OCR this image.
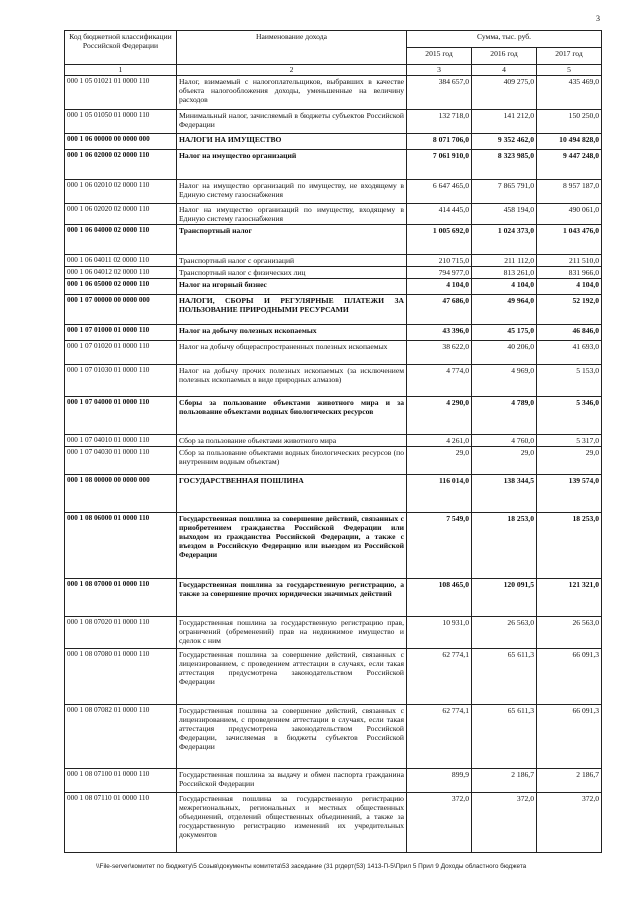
3
Код бюджетной классификации Российской Федерации	Наименование дохода	Сумма, тыс. руб.		
		2015 год	2016 год	2017 год
1	2	3	4	5
000 1 05 01021 01 0000 110	Налог, взимаемый с налогоплательщиков, выбравших в качестве объекта налогообложения доходы, уменьшенные на величину расходов	384 657,0	409 275,0	435 469,0
000 1 05 01050 01 0000 110	Минимальный налог, зачисляемый в бюджеты субъектов Российской Федерации	132 718,0	141 212,0	150 250,0
000 1 06 00000 00 0000 000	НАЛОГИ НА ИМУЩЕСТВО	8 071 706,0	9 352 462,0	10 494 828,0
000 1 06 02000 02 0000 110	Налог на имущество организаций	7 061 910,0	8 323 985,0	9 447 248,0
000 1 06 02010 02 0000 110	Налог на имущество организаций по имуществу, не входящему в Единую систему газоснабжения	6 647 465,0	7 865 791,0	8 957 187,0
000 1 06 02020 02 0000 110	Налог на имущество организаций по имуществу, входящему в Единую систему газоснабжения	414 445,0	458 194,0	490 061,0
000 1 06 04000 02 0000 110	Транспортный налог	1 005 692,0	1 024 373,0	1 043 476,0
000 1 06 04011 02 0000 110	Транспортный налог с организаций	210 715,0	211 112,0	211 510,0
000 1 06 04012 02 0000 110	Транспортный налог с физических лиц	794 977,0	813 261,0	831 966,0
000 1 06 05000 02 0000 110	Налог на игорный бизнес	4 104,0	4 104,0	4 104,0
000 1 07 00000 00 0000 000	НАЛОГИ, СБОРЫ И РЕГУЛЯРНЫЕ ПЛАТЕЖИ ЗА ПОЛЬЗОВАНИЕ ПРИРОДНЫМИ РЕСУРСАМИ	47 686,0	49 964,0	52 192,0
000 1 07 01000 01 0000 110	Налог на добычу полезных ископаемых	43 396,0	45 175,0	46 846,0
000 1 07 01020 01 0000 110	Налог на добычу общераспространенных полезных ископаемых	38 622,0	40 206,0	41 693,0
000 1 07 01030 01 0000 110	Налог на добычу прочих полезных ископаемых (за исключением полезных ископаемых в виде природных алмазов)	4 774,0	4 969,0	5 153,0
000 1 07 04000 01 0000 110	Сборы за пользование объектами животного мира и за пользование объектами водных биологических ресурсов	4 290,0	4 789,0	5 346,0
000 1 07 04010 01 0000 110	Сбор за пользование объектами животного мира	4 261,0	4 760,0	5 317,0
000 1 07 04030 01 0000 110	Сбор за пользование объектами водных биологических ресурсов (по внутренним водным объектам)	29,0	29,0	29,0
000 1 08 00000 00 0000 000	ГОСУДАРСТВЕННАЯ ПОШЛИНА	116 014,0	138 344,5	139 574,0
000 1 08 06000 01 0000 110	Государственная пошлина за совершение действий, связанных с приобретением гражданства Российской Федерации или выходом из гражданства Российской Федерации, а также с въездом в Российскую Федерацию или выездом из Российской Федерации	7 549,0	18 253,0	18 253,0
000 1 08 07000 01 0000 110	Государственная пошлина за государственную регистрацию, а также за совершение прочих юридически значимых действий	108 465,0	120 091,5	121 321,0
000 1 08 07020 01 0000 110	Государственная пошлина за государственную регистрацию прав, ограничений (обременений) прав на недвижимое имущество и сделок с ним	10 931,0	26 563,0	26 563,0
000 1 08 07080 01 0000 110	Государственная пошлина за совершение действий, связанных с лицензированием, с проведением аттестации в случаях, если такая аттестация предусмотрена законодательством Российской Федерации	62 774,1	65 611,3	66 091,3
000 1 08 07082 01 0000 110	Государственная пошлина за совершение действий, связанных с лицензированием, с проведением аттестации в случаях, если такая аттестация предусмотрена законодательством Российской Федерации, зачисляемая в бюджеты субъектов Российской Федерации	62 774,1	65 611,3	66 091,3
000 1 08 07100 01 0000 110	Государственная пошлина за выдачу и обмен паспорта гражданина Российской Федерации	899,9	2 186,7	2 186,7
000 1 08 07110 01 0000 110	Государственная пошлина за государственную регистрацию межрегиональных, региональных и местных общественных объединений, отделений общественных объединений, а также за государственную регистрацию изменений их учредительных документов	372,0	372,0	372,0
\\File-server\комитет по бюджету\5 Созыв\документы комитета\53 заседание (31 ргдерт(53) 1413-П-5\Прил 5 Прил 9 Доходы областного бюджета
